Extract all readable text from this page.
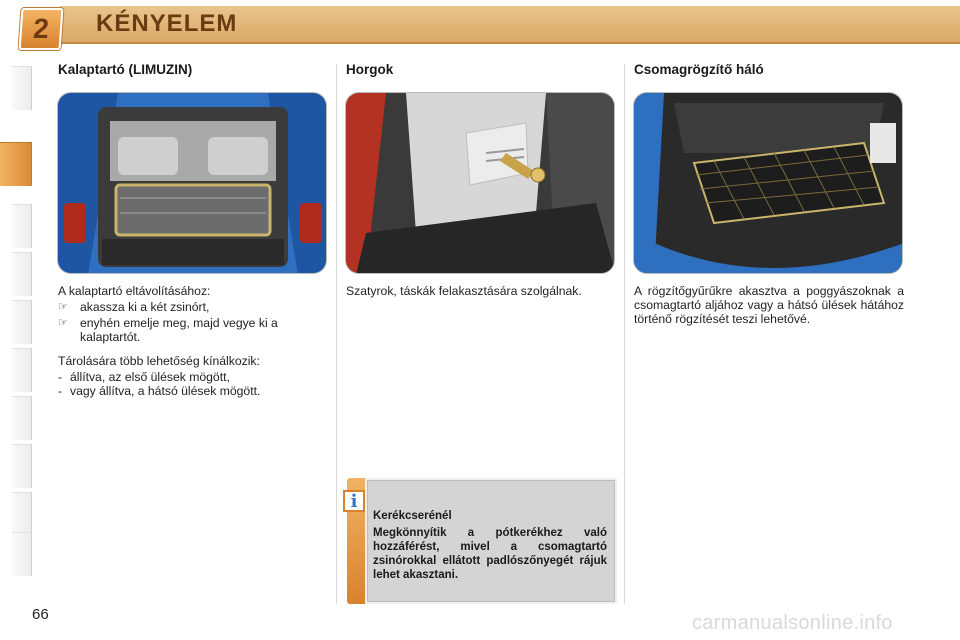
2	KÉNYELEM
Kalaptartó (LIMUZIN)

A kalaptartó eltávolításához:

☞ akassza ki a két zsinórt,
☞ enyhén emelje meg, majd vegye ki a kalaptartót.

Tárolására több lehetőség kínálkozik:

- állítva, az első ülések mögött,
- vagy állítva, a hátsó ülések mögött.
Horgok
Szatyrok, táskák felakasztására szolgálnak.
Csomagrögzítő háló
A rögzítőgyűrűkre akasztva a poggyászoknak a csomagtartó aljához vagy a hátsó ülések hátához történő rögzítését teszi lehetővé.
i
Kerékcserénél
Megkönnyítik a pótkerékhez való hozzáférést, mivel a csomagtartó zsinórokkal ellátott padlószőnyegét rájuk lehet akasztani.
66	carmanualsonline.info
